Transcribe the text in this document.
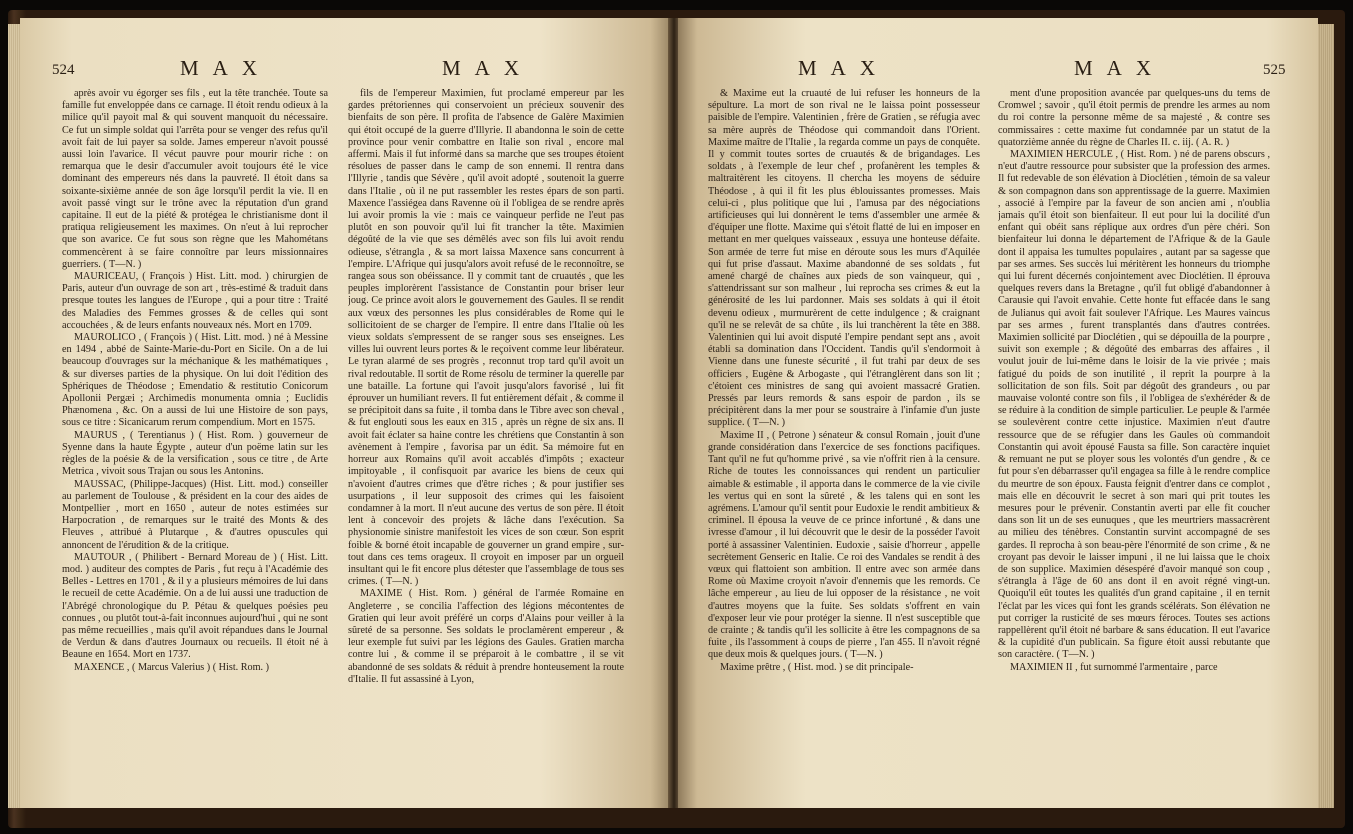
524	MAX	MAX

après avoir vu égorger ses fils , eut la tête tranchée. Toute sa famille fut enveloppée dans ce carnage. Il étoit rendu odieux à la milice qu'il payoit mal & qui souvent manquoit du nécessaire. Ce fut un simple soldat qui l'arrêta pour se venger des refus qu'il avoit fait de lui payer sa solde. James empereur n'avoit poussé aussi loin l'avarice. Il vécut pauvre pour mourir riche : on remarqua que le desir d'accumuler avoit toujours été le vice dominant des empereurs nés dans la pauvreté. Il étoit dans sa soixante-sixième année de son âge lorsqu'il perdit la vie. Il en avoit passé vingt sur le trône avec la réputation d'un grand capitaine. Il eut de la piété & protégea le christianisme dont il pratiqua religieusement les maximes. On n'eut à lui reprocher que son avarice. Ce fut sous son règne que les Mahométans commencèrent à se faire connoître par leurs missionnaires guerriers. ( T—N. )

MAURICEAU, ( François ) Hist. Litt. mod. ) chirurgien de Paris, auteur d'un ouvrage de son art , très-estimé & traduit dans presque toutes les langues de l'Europe , qui a pour titre : Traité des Maladies des Femmes grosses & de celles qui sont accouchées , & de leurs enfants nouveaux nés. Mort en 1709.

MAUROLICO , ( François ) ( Hist. Litt. mod. ) né à Messine en 1494 , abbé de Sainte-Marie-du-Port en Sicile. On a de lui beaucoup d'ouvrages sur la méchanique & les mathématiques , & sur diverses parties de la physique. On lui doit l'édition des Sphériques de Théodose ; Emendatio & restitutio Conicorum Apollonii Pergæi ; Archimedis monumenta omnia ; Euclidis Phænomena , &c. On a aussi de lui une Histoire de son pays, sous ce titre : Sicanicarum rerum compendium. Mort en 1575.

MAURUS , ( Terentianus ) ( Hist. Rom. ) gouverneur de Syenne dans la haute Égypte , auteur d'un poëme latin sur les règles de la poésie & de la versification , sous ce titre , de Arte Metrica , vivoit sous Trajan ou sous les Antonins.

MAUSSAC, (Philippe-Jacques) (Hist. Litt. mod.) conseiller au parlement de Toulouse , & président en la cour des aides de Montpellier , mort en 1650 , auteur de notes estimées sur Harpocration , de remarques sur le traité des Monts & des Fleuves , attribué à Plutarque , & d'autres opuscules qui annoncent de l'érudition & de la critique.

MAUTOUR , ( Philibert - Bernard Moreau de ) ( Hist. Litt. mod. ) auditeur des comptes de Paris , fut reçu à l'Académie des Belles - Lettres en 1701 , & il y a plusieurs mémoires de lui dans le recueil de cette Académie. On a de lui aussi une traduction de l'Abrégé chronologique du P. Pétau & quelques poésies peu connues , ou plutôt tout-à-fait inconnues aujourd'hui , qui ne sont pas même recueillies , mais qu'il avoit répandues dans le Journal de Verdun & dans d'autres Journaux ou recueils. Il étoit né à Beaune en 1654. Mort en 1737.

MAXENCE , ( Marcus Valerius ) ( Hist. Rom. )

fils de l'empereur Maximien, fut proclamé empereur par les gardes prétoriennes qui conservoient un précieux souvenir des bienfaits de son père. Il profita de l'absence de Galère Maximien qui étoit occupé de la guerre d'Illyrie. Il abandonna le soin de cette province pour venir combattre en Italie son rival , encore mal affermi. Mais il fut informé dans sa marche que ses troupes étoient résolues de passer dans le camp de son ennemi. Il rentra dans l'Illyrie , tandis que Sévère , qu'il avoit adopté , soutenoit la guerre dans l'Italie , où il ne put rassembler les restes épars de son parti. Maxence l'assiégea dans Ravenne où il l'obligea de se rendre après lui avoir promis la vie : mais ce vainqueur perfide ne l'eut pas plutôt en son pouvoir qu'il lui fit trancher la tête. Maximien dégoûté de la vie que ses démêlés avec son fils lui avoit rendu odieuse, s'étrangla , & sa mort laissa Maxence sans concurrent à l'empire. L'Afrique qui jusqu'alors avoit refusé de le reconnoître, se rangea sous son obéissance. Il y commit tant de cruautés , que les peuples implorèrent l'assistance de Constantin pour briser leur joug. Ce prince avoit alors le gouvernement des Gaules. Il se rendit aux vœux des personnes les plus considérables de Rome qui le sollicitoient de se charger de l'empire. Il entre dans l'Italie où les vieux soldats s'empressent de se ranger sous ses enseignes. Les villes lui ouvrent leurs portes & le reçoivent comme leur libérateur. Le tyran alarmé de ses progrès , reconnut trop tard qu'il avoit un rival redoutable. Il sortit de Rome résolu de terminer la querelle par une bataille. La fortune qui l'avoit jusqu'alors favorisé , lui fit éprouver un humiliant revers. Il fut entièrement défait , & comme il se précipitoit dans sa fuite , il tomba dans le Tibre avec son cheval , & fut englouti sous les eaux en 315 , après un règne de six ans. Il avoit fait éclater sa haine contre les chrétiens que Constantin à son avènement à l'empire , favorisa par un édit. Sa mémoire fut en horreur aux Romains qu'il avoit accablés d'impôts ; exacteur impitoyable , il confisquoit par avarice les biens de ceux qui n'avoient d'autres crimes que d'être riches ; & pour justifier ses usurpations , il leur supposoit des crimes qui les faisoient condamner à la mort. Il n'eut aucune des vertus de son père. Il étoit lent à concevoir des projets & lâche dans l'exécution. Sa physionomie sinistre manifestoit les vices de son cœur. Son esprit foible & borné étoit incapable de gouverner un grand empire , sur-tout dans ces tems orageux. Il croyoit en imposer par un orgueil insultant qui le fit encore plus détester que l'assemblage de tous ses crimes. ( T—N. )

MAXIME ( Hist. Rom. ) général de l'armée Romaine en Angleterre , se concilia l'affection des légions mécontentes de Gratien qui leur avoit préféré un corps d'Alains pour veiller à la sûreté de sa personne. Ses soldats le proclamèrent empereur , & leur exemple fut suivi par les légions des Gaules. Gratien marcha contre lui , & comme il se préparoit à le combattre , il se vit abandonné de ses soldats & réduit à prendre honteusement la route d'Italie. Il fut assassiné à Lyon,

MAX	MAX	525

& Maxime eut la cruauté de lui refuser les honneurs de la sépulture. La mort de son rival ne le laissa point possesseur paisible de l'empire. Valentinien , frère de Gratien , se réfugia avec sa mère auprès de Théodose qui commandoit dans l'Orient. Maxime maître de l'Italie , la regarda comme un pays de conquête. Il y commit toutes sortes de cruautés & de brigandages. Les soldats , à l'exemple de leur chef , profanèrent les temples & maltraitèrent les citoyens. Il chercha les moyens de séduire Théodose , à qui il fit les plus éblouissantes promesses. Mais celui-ci , plus politique que lui , l'amusa par des négociations artificieuses qui lui donnèrent le tems d'assembler une armée & d'équiper une flotte. Maxime qui s'étoit flatté de lui en imposer en mettant en mer quelques vaisseaux , essuya une honteuse défaite. Son armée de terre fut mise en déroute sous les murs d'Aquilée qui fut prise d'assaut. Maxime abandonné de ses soldats , fut amené chargé de chaînes aux pieds de son vainqueur, qui , s'attendrissant sur son malheur , lui reprocha ses crimes & eut la générosité de les lui pardonner. Mais ses soldats à qui il étoit devenu odieux , murmurèrent de cette indulgence ; & craignant qu'il ne se relevât de sa chûte , ils lui tranchèrent la tête en 388. Valentinien qui lui avoit disputé l'empire pendant sept ans , avoit établi sa domination dans l'Occident. Tandis qu'il s'endormoit à Vienne dans une funeste sécurité , il fut trahi par deux de ses officiers , Eugène & Arbogaste , qui l'étranglèrent dans son lit ; c'étoient ces ministres de sang qui avoient massacré Gratien. Pressés par leurs remords & sans espoir de pardon , ils se précipitèrent dans la mer pour se soustraire à l'infamie d'un juste supplice. ( T—N. )

Maxime II , ( Petrone ) sénateur & consul Romain , jouit d'une grande considération dans l'exercice de ses fonctions pacifiques. Tant qu'il ne fut qu'homme privé , sa vie n'offrit rien à la censure. Riche de toutes les connoissances qui rendent un particulier aimable & estimable , il apporta dans le commerce de la vie civile les vertus qui en sont la sûreté , & les talens qui en sont les agrémens. L'amour qu'il sentit pour Eudoxie le rendit ambitieux & criminel. Il épousa la veuve de ce prince infortuné , & dans une ivresse d'amour , il lui découvrit que le desir de la posséder l'avoit porté à assassiner Valentinien. Eudoxie , saisie d'horreur , appelle secrètement Genseric en Italie. Ce roi des Vandales se rendit à des vœux qui flattoient son ambition. Il entre avec son armée dans Rome où Maxime croyoit n'avoir d'ennemis que les remords. Ce lâche empereur , au lieu de lui opposer de la résistance , ne voit d'autres moyens que la fuite. Ses soldats s'offrent en vain d'exposer leur vie pour protéger la sienne. Il n'est susceptible que de crainte ; & tandis qu'il les sollicite à être les compagnons de sa fuite , ils l'assomment à coups de pierre , l'an 455. Il n'avoit régné que deux mois & quelques jours. ( T—N. )

Maxime prêtre , ( Hist. mod. ) se dit principale-

ment d'une proposition avancée par quelques-uns du tems de Cromwel ; savoir , qu'il étoit permis de prendre les armes au nom du roi contre la personne même de sa majesté , & contre ses commissaires : cette maxime fut condamnée par un statut de la quatorzième année du règne de Charles II. c. iij. ( A. R. )

MAXIMIEN HERCULE , ( Hist. Rom. ) né de parens obscurs , n'eut d'autre ressource pour subsister que la profession des armes. Il fut redevable de son élévation à Dioclétien , témoin de sa valeur & son compagnon dans son apprentissage de la guerre. Maximien , associé à l'empire par la faveur de son ancien ami , n'oublia jamais qu'il étoit son bienfaiteur. Il eut pour lui la docilité d'un enfant qui obéit sans réplique aux ordres d'un père chéri. Son bienfaiteur lui donna le département de l'Afrique & de la Gaule dont il appaisa les tumultes populaires , autant par sa sagesse que par ses armes. Ses succès lui méritèrent les honneurs du triomphe qui lui furent décernés conjointement avec Dioclétien. Il éprouva quelques revers dans la Bretagne , qu'il fut obligé d'abandonner à Carausie qui l'avoit envahie. Cette honte fut effacée dans le sang de Julianus qui avoit fait soulever l'Afrique. Les Maures vaincus par ses armes , furent transplantés dans d'autres contrées. Maximien sollicité par Dioclétien , qui se dépouilla de la pourpre , suivit son exemple ; & dégoûté des embarras des affaires , il voulut jouir de lui-même dans le loisir de la vie privée ; mais fatigué du poids de son inutilité , il reprit la pourpre à la sollicitation de son fils. Soit par dégoût des grandeurs , ou par mauvaise volonté contre son fils , il l'obligea de s'exhéréder & de se réduire à la condition de simple particulier. Le peuple & l'armée se soulevèrent contre cette injustice. Maximien n'eut d'autre ressource que de se réfugier dans les Gaules où commandoit Constantin qui avoit épousé Fausta sa fille. Son caractère inquiet & remuant ne put se ployer sous les volontés d'un gendre , & ce fut pour s'en débarrasser qu'il engagea sa fille à le rendre complice du meurtre de son époux. Fausta feignit d'entrer dans ce complot , mais elle en découvrit le secret à son mari qui prit toutes les mesures pour le prévenir. Constantin averti par elle fit coucher dans son lit un de ses eunuques , que les meurtriers massacrèrent au milieu des ténèbres. Constantin survint accompagné de ses gardes. Il reprocha à son beau-père l'énormité de son crime , & ne croyant pas devoir le laisser impuni , il ne lui laissa que le choix de son supplice. Maximien désespéré d'avoir manqué son coup , s'étrangla à l'âge de 60 ans dont il en avoit régné vingt-un. Quoiqu'il eût toutes les qualités d'un grand capitaine , il en ternit l'éclat par les vices qui font les grands scélérats. Son élévation ne put corriger la rusticité de ses mœurs féroces. Toutes ses actions rappellèrent qu'il étoit né barbare & sans éducation. Il eut l'avarice & la cupidité d'un publicain. Sa figure étoit aussi rebutante que son caractère. ( T—N. )

MAXIMIEN II , fut surnommé l'armentaire , parce
